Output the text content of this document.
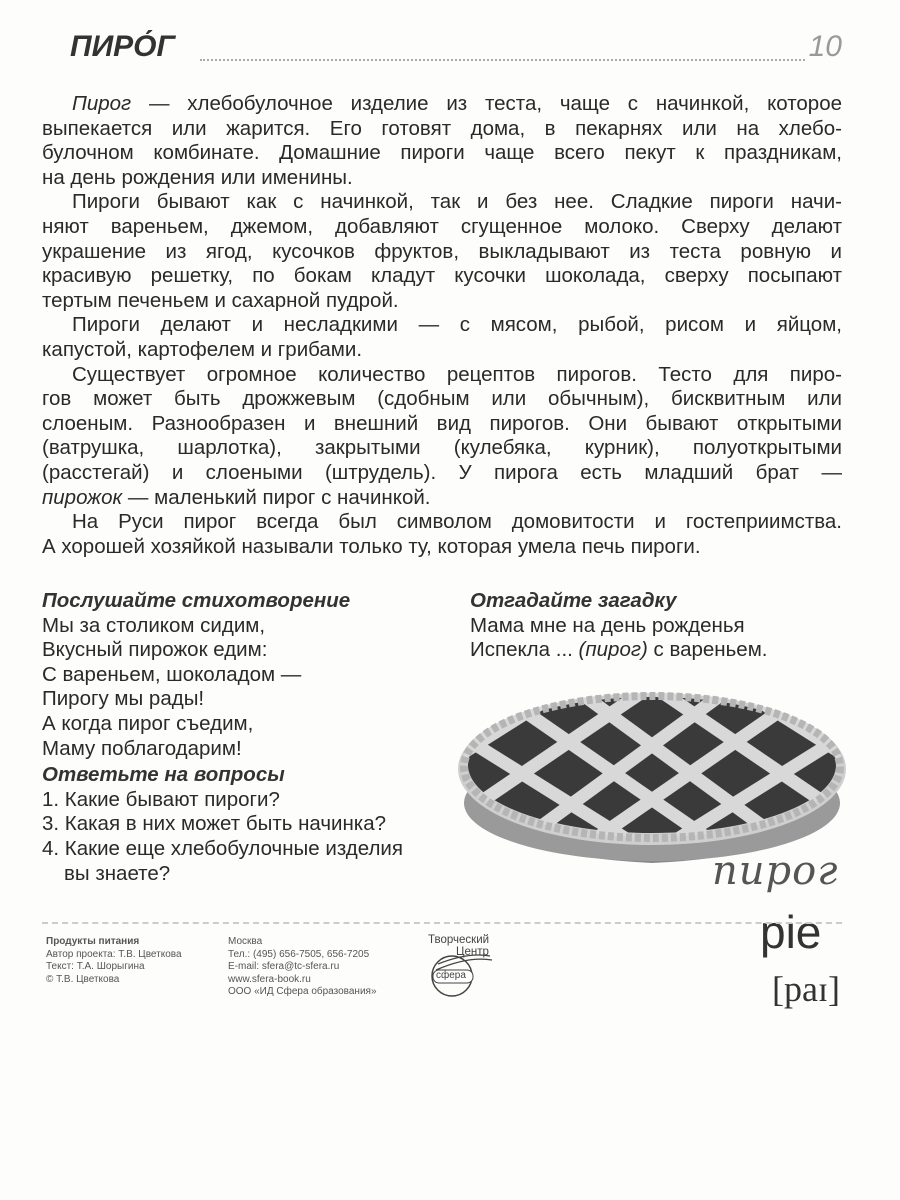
ПИРО́Г	10
Пирог — хлебобулочное изделие из теста, чаще с начинкой, которое
выпекается или жарится. Его готовят дома, в пекарнях или на хлебо-
булочном комбинате. Домашние пироги чаще всего пекут к праздникам,
на день рождения или именины.
Пироги бывают как с начинкой, так и без нее. Сладкие пироги начи-
няют вареньем, джемом, добавляют сгущенное молоко. Сверху делают
украшение из ягод, кусочков фруктов, выкладывают из теста ровную и
красивую решетку, по бокам кладут кусочки шоколада, сверху посыпают
тертым печеньем и сахарной пудрой.
Пироги делают и несладкими — с мясом, рыбой, рисом и яйцом,
капустой, картофелем и грибами.
Существует огромное количество рецептов пирогов. Тесто для пиро-
гов может быть дрожжевым (сдобным или обычным), бисквитным или
слоеным. Разнообразен и внешний вид пирогов. Они бывают открытыми
(ватрушка, шарлотка), закрытыми (кулебяка, курник), полуоткрытыми
(расстегай) и слоеными (штрудель). У пирога есть младший брат —
пирожок — маленький пирог с начинкой.
На Руси пирог всегда был символом домовитости и гостеприимства.
А хорошей хозяйкой называли только ту, которая умела печь пироги.
Послушайте стихотворение
Мы за столиком сидим,
Вкусный пирожок едим:
С вареньем, шоколадом —
Пирогу мы рады!
А когда пирог съедим,
Маму поблагодарим!
Ответьте на вопросы
1. Какие бывают пироги?
3. Какая в них может быть начинка?
4. Какие еще хлебобулочные изделия
вы знаете?
Отгадайте загадку
Мама мне на день рожденья
Испекла ... (пирог) с вареньем.
пирог
pie
[paɪ]
Продукты питания
Автор проекта: Т.В. Цветкова
Текст: Т.А. Шорыгина
© Т.В. Цветкова
Москва
Тел.: (495) 656-7505, 656-7205
E-mail: sfera@tc-sfera.ru
www.sfera-book.ru
ООО «ИД Сфера образования»
Творческий
Центр
сфера
